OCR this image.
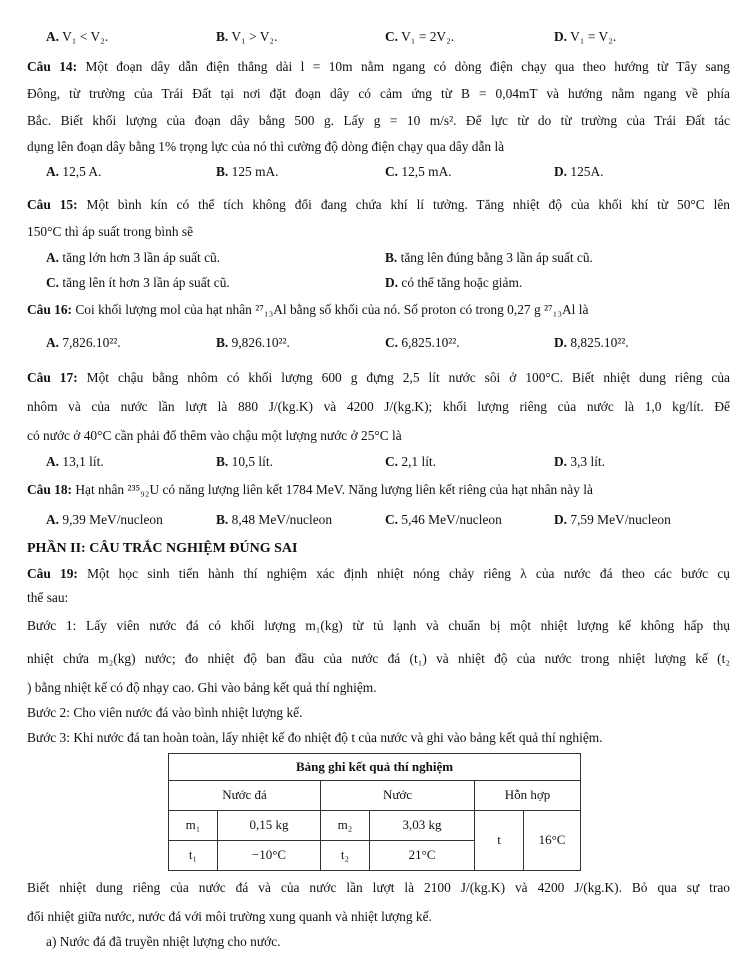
A. V₁ < V₂.	B. V₁ > V₂.	C. V₁ = 2V₂.	D. V₁ = V₂.
Câu 14: Một đoạn dây dẫn điện thẳng dài l = 10m nằm ngang có dòng điện chạy qua theo hướng từ Tây sang
Đông, từ trường của Trái Đất tại nơi đặt đoạn dây có cảm ứng từ B = 0,04mT và hướng nằm ngang về phía
Bắc. Biết khối lượng của đoạn dây bằng 500 g. Lấy g = 10 m/s². Để lực từ do từ trường của Trái Đất tác
dụng lên đoạn dây bằng 1% trọng lực của nó thì cường độ dòng điện chạy qua dây dẫn là
A. 12,5 A.	B. 125 mA.	C. 12,5 mA.	D. 125A.
Câu 15: Một bình kín có thể tích không đổi đang chứa khí lí tưởng. Tăng nhiệt độ của khối khí từ 50°C lên
150°C thì áp suất trong bình sẽ
A. tăng lớn hơn 3 lần áp suất cũ.	B. tăng lên đúng bằng 3 lần áp suất cũ.
C. tăng lên ít hơn 3 lần áp suất cũ.	D. có thể tăng hoặc giảm.
Câu 16: Coi khối lượng mol của hạt nhân ²⁷₁₃Al bằng số khối của nó. Số proton có trong 0,27 g ²⁷₁₃Al là
A. 7,826.10²².	B. 9,826.10²².	C. 6,825.10²².	D. 8,825.10²².
Câu 17: Một chậu bằng nhôm có khối lượng 600 g đựng 2,5 lít nước sôi ở 100°C. Biết nhiệt dung riêng của
nhôm và của nước lần lượt là 880 J/(kg.K) và 4200 J/(kg.K); khối lượng riêng của nước là 1,0 kg/lít. Để
có nước ở 40°C cần phải đổ thêm vào chậu một lượng nước ở 25°C là
A. 13,1 lít.	B. 10,5 lít.	C. 2,1 lít.	D. 3,3 lít.
Câu 18: Hạt nhân ²³⁵₉₂U có năng lượng liên kết 1784 MeV. Năng lượng liên kết riêng của hạt nhân này là
A. 9,39 MeV/nucleon	B. 8,48 MeV/nucleon	C. 5,46 MeV/nucleon	D. 7,59 MeV/nucleon
PHẦN II: CÂU TRẮC NGHIỆM ĐÚNG SAI
Câu 19: Một học sinh tiến hành thí nghiệm xác định nhiệt nóng chảy riêng λ của nước đá theo các bước cụ
thể sau:
Bước 1: Lấy viên nước đá có khối lượng m₁(kg) từ tủ lạnh và chuẩn bị một nhiệt lượng kế không hấp thụ
nhiệt chứa m₂(kg) nước; đo nhiệt độ ban đầu của nước đá (t₁) và nhiệt độ của nước trong nhiệt lượng kế (t₂
) bằng nhiệt kế có độ nhạy cao. Ghi vào bảng kết quả thí nghiệm.
Bước 2: Cho viên nước đá vào bình nhiệt lượng kế.
Bước 3: Khi nước đá tan hoàn toàn, lấy nhiệt kế đo nhiệt độ t của nước và ghi vào bảng kết quả thí nghiệm.
Bảng ghi kết quả thí nghiệm					
Nước đá		Nước		Hỗn hợp	
m₁	0,15 kg	m₂	3,03 kg	t	16°C
t₁	−10°C	t₂	21°C		
Biết nhiệt dung riêng của nước đá và của nước lần lượt là 2100 J/(kg.K) và 4200 J/(kg.K). Bỏ qua sự trao
đổi nhiệt giữa nước, nước đá với môi trường xung quanh và nhiệt lượng kế.
a) Nước đá đã truyền nhiệt lượng cho nước.
